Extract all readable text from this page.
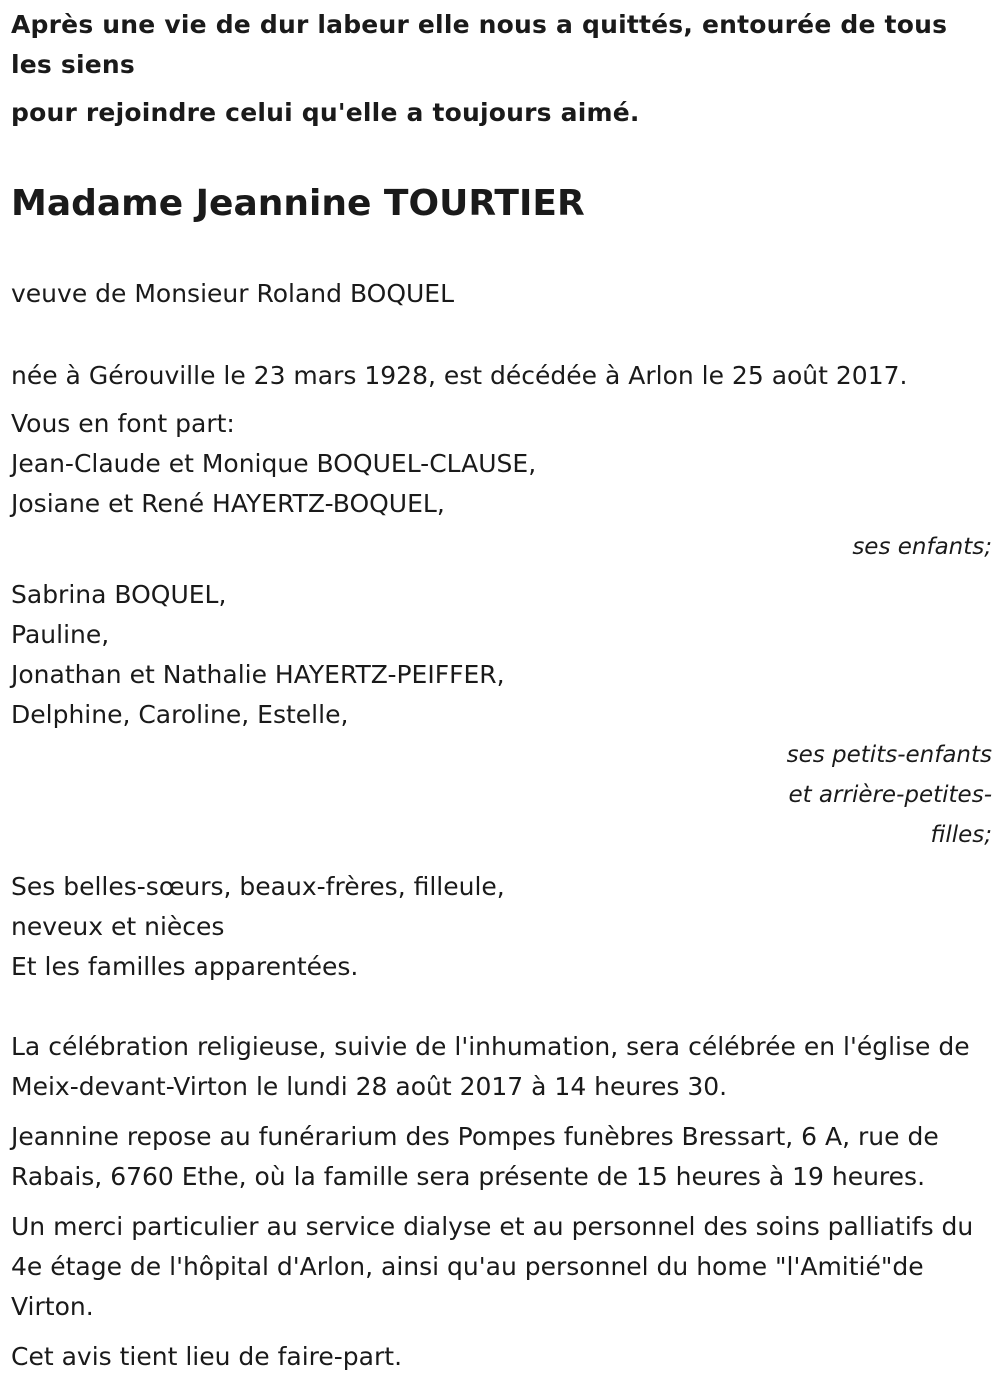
Après une vie de dur labeur elle nous a quittés, entourée de tous les siens

pour rejoindre celui qu'elle a toujours aimé.

Madame Jeannine TOURTIER

veuve de Monsieur Roland BOQUEL

née à Gérouville le 23 mars 1928, est décédée à Arlon le 25 août 2017.

Vous en font part:

Jean-Claude et Monique BOQUEL-CLAUSE,

Josiane et René HAYERTZ-BOQUEL,

ses enfants;

Sabrina BOQUEL,

Pauline,

Jonathan et Nathalie HAYERTZ-PEIFFER,

Delphine, Caroline, Estelle,

ses petits-enfants

et arrière-petites-

filles;

Ses belles-sœurs, beaux-frères, filleule,

neveux et nièces

Et les familles apparentées.

La célébration religieuse, suivie de l'inhumation, sera célébrée en l'église de Meix-devant-Virton le lundi 28 août 2017 à 14 heures 30.

Jeannine repose au funérarium des Pompes funèbres Bressart, 6 A, rue de Rabais, 6760 Ethe, où la famille sera présente de 15 heures à 19 heures.

Un merci particulier au service dialyse et au personnel des soins palliatifs du 4e étage de l'hôpital d'Arlon, ainsi qu'au personnel du home "l'Amitié"de Virton.

Cet avis tient lieu de faire-part.
